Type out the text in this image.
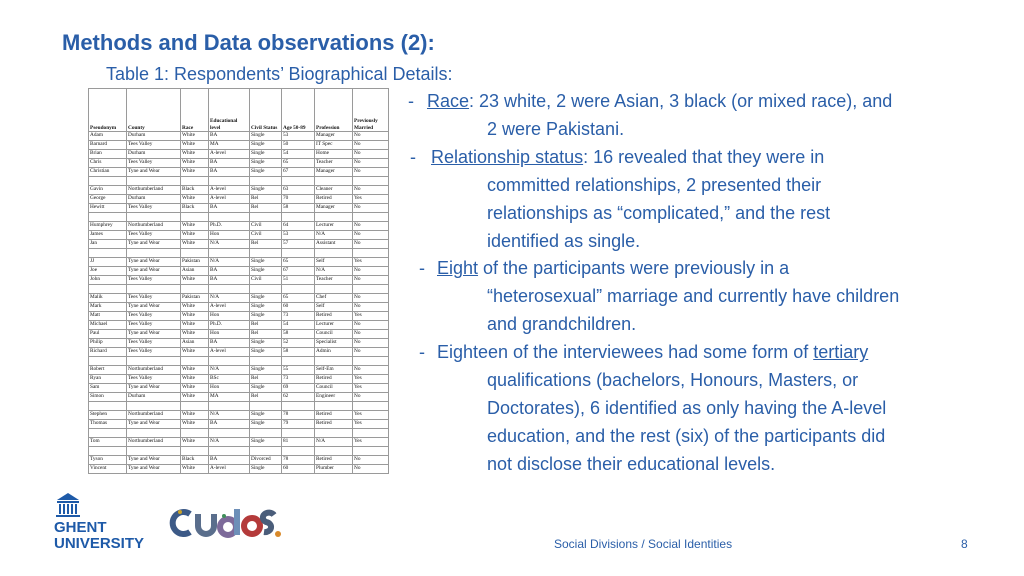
Methods and Data observations (2):
Table 1: Respondents’ Biographical Details:
Pseudonym	County	Race	Educational level	Civil Status	Age 50-89	Profession	Previously Married
Adam	Durham	White	BA	Single	53	Manager	No
Barnard	Tees Valley	White	MA	Single	50	IT Spec	No
Brian	Durham	White	A-level	Single	54	Home	No
Chris	Tees Valley	White	BA	Single	65	Teacher	No
Christian	Tyne and Wear	White	BA	Single	67	Manager	No

Gavin	Northumberland	Black	A-level	Single	63	Cleaner	No
George	Durham	White	A-level	Rel	70	Retired	Yes
Hewitt	Tees Valley	Black	BA	Rel	58	Manager	No

Humphrey	Northumberland	White	Ph.D.	Civil	64	Lecturer	No
James	Tees Valley	White	Hon	Civil	53	N/A	No
Jan	Tyne and Wear	White	N/A	Rel	57	Assistant	No

JJ	Tyne and Wear	Pakistan	N/A	Single	65	Self	Yes
Joe	Tyne and Wear	Asian	BA	Single	67	N/A	No
John	Tees Valley	White	BA	Civil	51	Teacher	No

Malik	Tees Valley	Pakistan	N/A	Single	65	Chef	No
Mark	Tyne and Wear	White	A-level	Single	60	Self	No
Matt	Tees Valley	White	Hon	Single	73	Retired	Yes
Michael	Tees Valley	White	Ph.D.	Rel	54	Lecturer	No
Paul	Tyne and Wear	White	Hon	Rel	58	Council	No
Philip	Tees Valley	Asian	BA	Single	52	Specialist	No
Richard	Tees Valley	White	A-level	Single	58	Admin	No

Robert	Northumberland	White	N/A	Single	55	Self-Em	No
Ryan	Tees Valley	White	BSc	Rel	73	Retired	Yes
Sam	Tyne and Wear	White	Hon	Single	69	Council	Yes
Simon	Durham	White	MA	Rel	62	Engineer	No

Stephen	Northumberland	White	N/A	Single	78	Retired	Yes
Thomas	Tyne and Wear	White	BA	Single	79	Retired	Yes

Tom	Northumberland	White	N/A	Single	81	N/A	Yes

Tyson	Tyne and Wear	Black	BA	Divorced	78	Retired	No
Vincent	Tyne and Wear	White	A-level	Single	60	Plumber	No
- Race: 23 white, 2 were Asian, 3 black (or mixed race), and
2 were Pakistani.
- Relationship status: 16 revealed that they were in
committed relationships, 2 presented their
relationships as “complicated,” and the rest
identified as single.
- Eight of the participants were previously in a
“heterosexual” marriage and currently have children
and grandchildren.
- Eighteen of the interviewees had some form of tertiary
qualifications (bachelors, Honours, Masters, or
Doctorates), 6 identified as only having the A-level
education, and the rest (six) of the participants did
not disclose their educational levels.
GHENT
UNIVERSITY
cudos
Social Divisions / Social Identities	8
